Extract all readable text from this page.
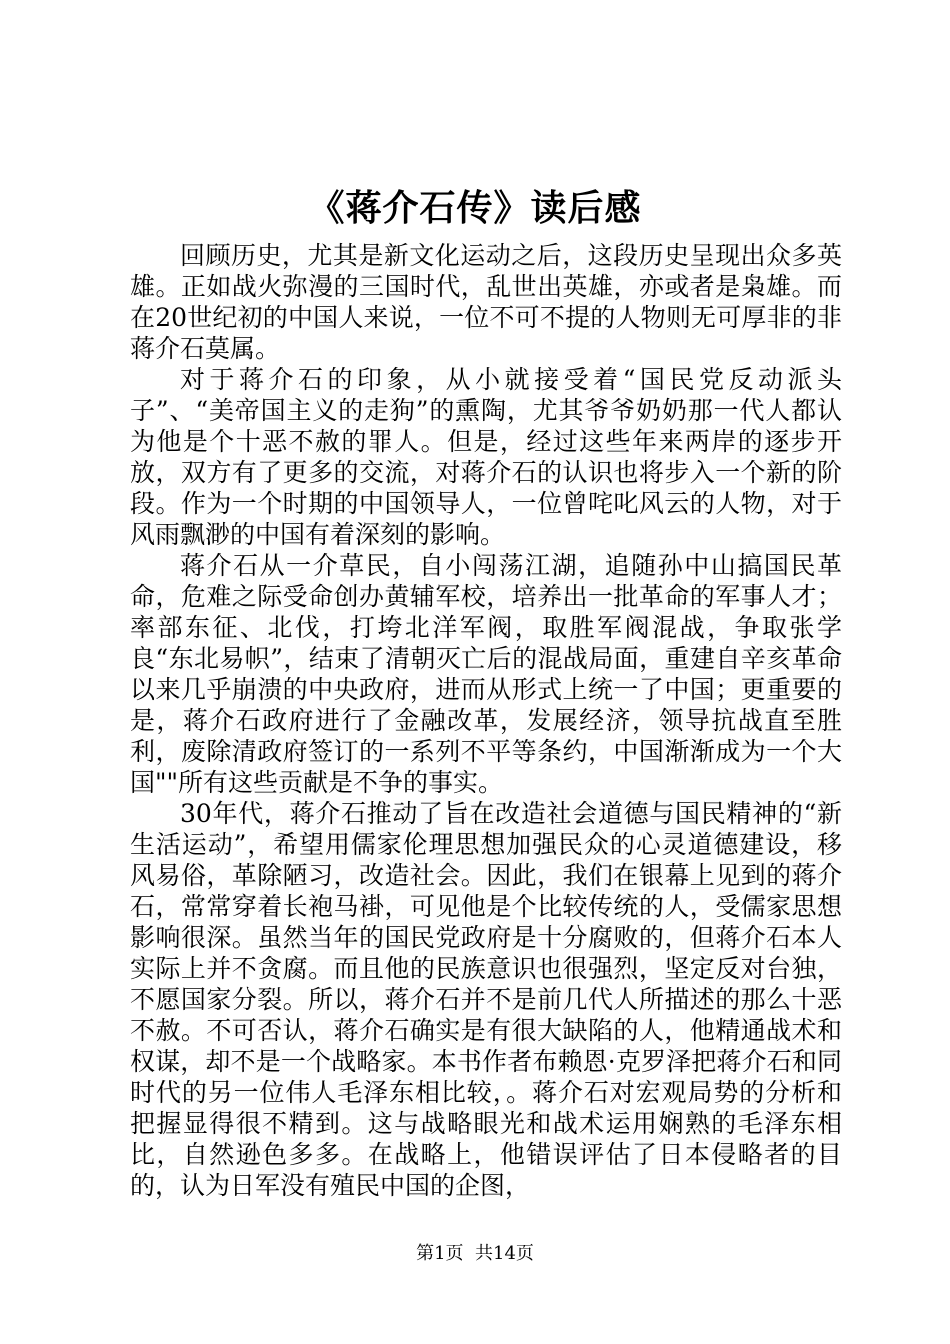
《蒋介石传》读后感

回顾历史，尤其是新文化运动之后，这段历史呈现出众多英雄。正如战火弥漫的三国时代，乱世出英雄，亦或者是枭雄。而在20世纪初的中国人来说，一位不可不提的人物则无可厚非的非蒋介石莫属。

对于蒋介石的印象，从小就接受着“国民党反动派头子”、“美帝国主义的走狗”的熏陶，尤其爷爷奶奶那一代人都认为他是个十恶不赦的罪人。但是，经过这些年来两岸的逐步开放，双方有了更多的交流，对蒋介石的认识也将步入一个新的阶段。作为一个时期的中国领导人，一位曾咤叱风云的人物，对于风雨飘渺的中国有着深刻的影响。

蒋介石从一介草民，自小闯荡江湖，追随孙中山搞国民革命，危难之际受命创办黄辅军校，培养出一批革命的军事人才；率部东征、北伐，打垮北洋军阀，取胜军阀混战，争取张学良“东北易帜”，结束了清朝灭亡后的混战局面，重建自辛亥革命以来几乎崩溃的中央政府，进而从形式上统一了中国；更重要的是，蒋介石政府进行了金融改革，发展经济，领导抗战直至胜利，废除清政府签订的一系列不平等条约，中国渐渐成为一个大国""所有这些贡献是不争的事实。

30年代，蒋介石推动了旨在改造社会道德与国民精神的“新生活运动”，希望用儒家伦理思想加强民众的心灵道德建设，移风易俗，革除陋习，改造社会。因此，我们在银幕上见到的蒋介石，常常穿着长袍马褂，可见他是个比较传统的人，受儒家思想影响很深。虽然当年的国民党政府是十分腐败的，但蒋介石本人实际上并不贪腐。而且他的民族意识也很强烈，坚定反对台独，不愿国家分裂。所以，蒋介石并不是前几代人所描述的那么十恶不赦。不可否认，蒋介石确实是有很大缺陷的人，他精通战术和权谋，却不是一个战略家。本书作者布赖恩·克罗泽把蒋介石和同时代的另一位伟人毛泽东相比较，。蒋介石对宏观局势的分析和把握显得很不精到。这与战略眼光和战术运用娴熟的毛泽东相比，自然逊色多多。在战略上，他错误评估了日本侵略者的目的，认为日军没有殖民中国的企图，

第1页 共14页
